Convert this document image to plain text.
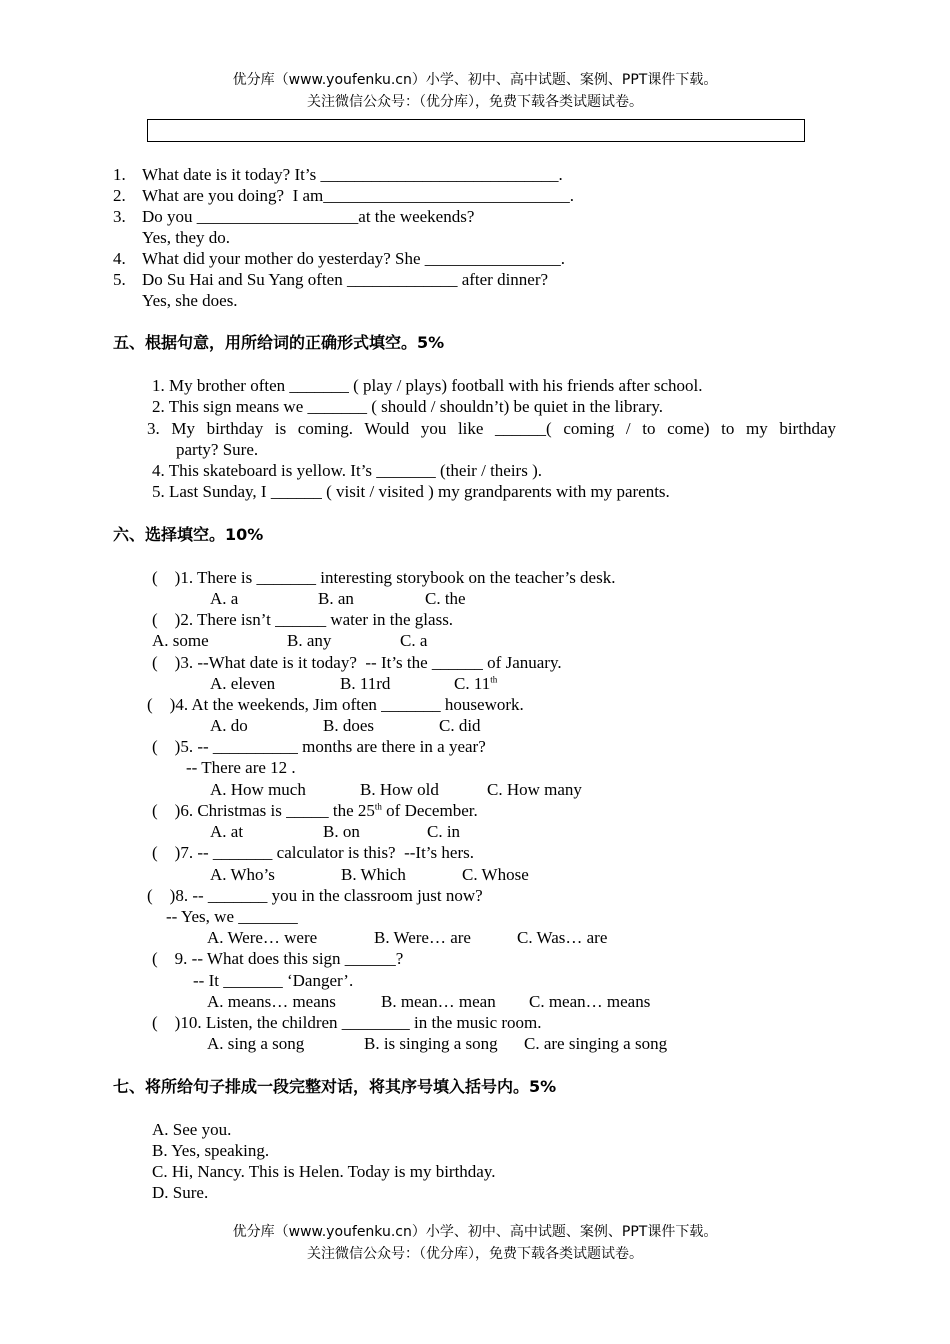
优分库（www.youfenku.cn）小学、初中、高中试题、案例、PPT课件下载。
关注微信公众号：（优分库），免费下载各类试题试卷。
1. What date is it today? It’s ____________________________.
2. What are you doing?  I am_____________________________.
3. Do you ___________________at the weekends?
Yes, they do.
4. What did your mother do yesterday? She ________________.
5. Do Su Hai and Su Yang often _____________ after dinner?
Yes, she does.
五、根据句意，用所给词的正确形式填空。5%
1. My brother often _______ ( play / plays) football with his friends after school.
2. This sign means we _______ ( should / shouldn’t) be quiet in the library.
3. My birthday is coming. Would you like ______( coming / to come) to my birthday
party? Sure.
4. This skateboard is yellow. It’s _______ (their / theirs ).
5. Last Sunday, I ______ ( visit / visited ) my grandparents with my parents.
六、选择填空。10%
(    )1. There is _______ interesting storybook on the teacher’s desk.
A. a	B. an	C. the
(    )2. There isn’t ______ water in the glass.
A. some	B. any	C. a
(    )3. --What date is it today?  -- It’s the ______ of January.
A. eleven	B. 11rd	C. 11th
(    )4. At the weekends, Jim often _______ housework.
A. do	B. does	C. did
(    )5. -- __________ months are there in a year?
-- There are 12 .
A. How much	B. How old	C. How many
(    )6. Christmas is _____ the 25th of December.
A. at	B. on	C. in
(    )7. -- _______ calculator is this?  --It’s hers.
A. Who’s	B. Which	C. Whose
(    )8. -- _______ you in the classroom just now?
-- Yes, we _______
A. Were… were	B. Were… are	C. Was… are
(    9. -- What does this sign ______?
-- It _______ ‘Danger’.
A. means… means	B. mean… mean C. mean… means
(    )10. Listen, the children ________ in the music room.
A. sing a song	B. is singing a song C. are singing a song
七、将所给句子排成一段完整对话，将其序号填入括号内。5%
A. See you.
B. Yes, speaking.
C. Hi, Nancy. This is Helen. Today is my birthday.
D. Sure.
优分库（www.youfenku.cn）小学、初中、高中试题、案例、PPT课件下载。
关注微信公众号：（优分库），免费下载各类试题试卷。
